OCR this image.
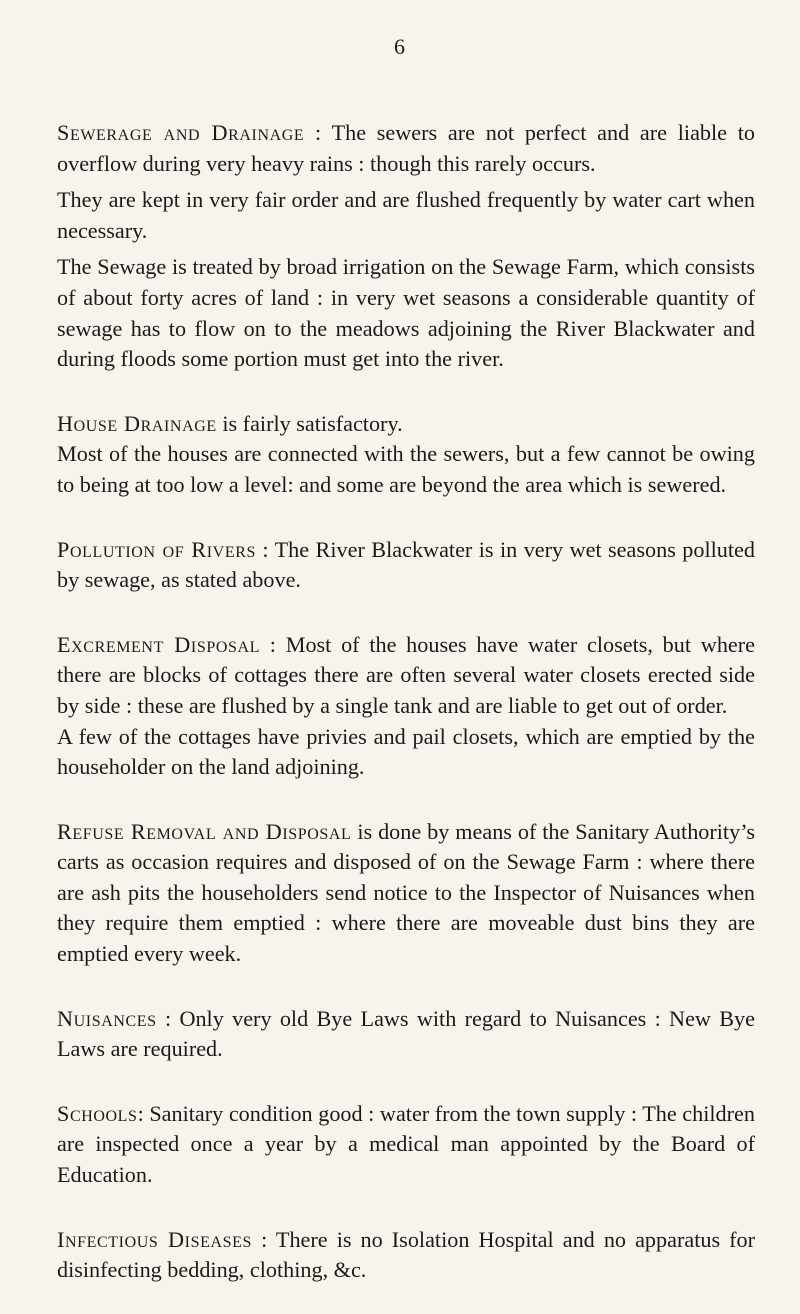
6

Sewerage and Drainage : The sewers are not perfect and are liable to overflow during very heavy rains : though this rarely occurs.

They are kept in very fair order and are flushed frequently by water cart when necessary.

The Sewage is treated by broad irrigation on the Sewage Farm, which consists of about forty acres of land : in very wet seasons a considerable quantity of sewage has to flow on to the meadows adjoining the River Blackwater and during floods some portion must get into the river.

House Drainage is fairly satisfactory.

Most of the houses are connected with the sewers, but a few cannot be owing to being at too low a level: and some are beyond the area which is sewered.

Pollution of Rivers : The River Blackwater is in very wet seasons polluted by sewage, as stated above.

Excrement Disposal : Most of the houses have water closets, but where there are blocks of cottages there are often several water closets erected side by side : these are flushed by a single tank and are liable to get out of order.

A few of the cottages have privies and pail closets, which are emptied by the householder on the land adjoining.

Refuse Removal and Disposal is done by means of the Sanitary Authority’s carts as occasion requires and disposed of on the Sewage Farm : where there are ash pits the householders send notice to the Inspector of Nuisances when they require them emptied : where there are moveable dust bins they are emptied every week.

Nuisances : Only very old Bye Laws with regard to Nuisances : New Bye Laws are required.

Schools: Sanitary condition good : water from the town supply : The children are inspected once a year by a medical man appointed by the Board of Education.

Infectious Diseases : There is no Isolation Hospital and no apparatus for disinfecting bedding, clothing, &c.
